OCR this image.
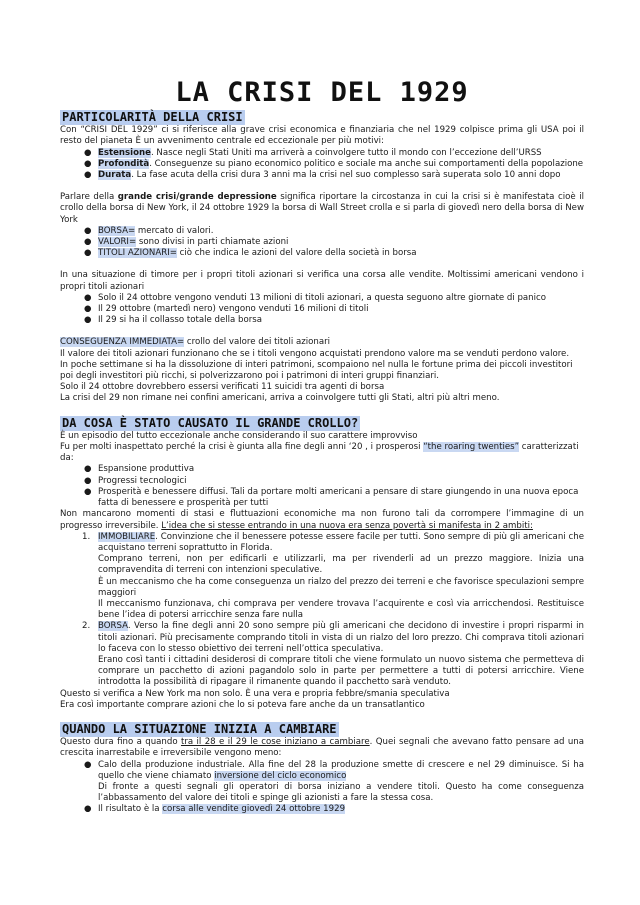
LA CRISI DEL 1929
PARTICOLARITÀ DELLA CRISI

Con “CRISI DEL 1929” ci si riferisce alla grave crisi economica e finanziaria che nel 1929 colpisce prima gli USA poi il resto del pianeta È un avvenimento centrale ed eccezionale per più motivi:

● Estensione. Nasce negli Stati Uniti ma arriverà a coinvolgere tutto il mondo con l’eccezione dell’URSS
● Profondità. Conseguenze su piano economico politico e sociale ma anche sui comportamenti della popolazione
● Durata. La fase acuta della crisi dura 3 anni ma la crisi nel suo complesso sarà superata solo 10 anni dopo

Parlare della grande crisi/grande depressione significa riportare la circostanza in cui la crisi si è manifestata cioè il crollo della borsa di New York, il 24 ottobre 1929 la borsa di Wall Street crolla e si parla di giovedì nero della borsa di New York

● BORSA= mercato di valori.
● VALORI= sono divisi in parti chiamate azioni
● TITOLI AZIONARI= ciò che indica le azioni del valore della società in borsa

In una situazione di timore per i propri titoli azionari si verifica una corsa alle vendite. Moltissimi americani vendono i propri titoli azionari

● Solo il 24 ottobre vengono venduti 13 milioni di titoli azionari, a questa seguono altre giornate di panico
● Il 29 ottobre (martedì nero) vengono venduti 16 milioni di titoli
● Il 29 si ha il collasso totale della borsa

CONSEGUENZA IMMEDIATA= crollo del valore dei titoli azionari

Il valore dei titoli azionari funzionano che se i titoli vengono acquistati prendono valore ma se venduti perdono valore.

In poche settimane si ha la dissoluzione di interi patrimoni, scompaiono nel nulla le fortune prima dei piccoli investitori poi degli investitori più ricchi, si polverizzarono poi i patrimoni di interi gruppi finanziari.

Solo il 24 ottobre dovrebbero essersi verificati 11 suicidi tra agenti di borsa

La crisi del 29 non rimane nei confini americani, arriva a coinvolgere tutti gli Stati, altri più altri meno.

DA COSA È STATO CAUSATO IL GRANDE CROLLO?

È un episodio del tutto eccezionale anche considerando il suo carattere improvviso

Fu per molti inaspettato perché la crisi è giunta alla fine degli anni ‘20 , i prosperosi “the roaring twenties” caratterizzati da:

● Espansione produttiva
● Progressi tecnologici
● Prosperità e benessere diffusi. Tali da portare molti americani a pensare di stare giungendo in una nuova epoca fatta di benessere e prosperità per tutti

Non mancarono momenti di stasi e fluttuazioni economiche ma non furono tali da corrompere l’immagine di un progresso irreversibile. L’idea che si stesse entrando in una nuova era senza povertà si manifesta in 2 ambiti:

1. IMMOBILIARE. Convinzione che il benessere potesse essere facile per tutti. Sono sempre di più gli americani che acquistano terreni soprattutto in Florida.

Comprano terreni, non per edificarli e utilizzarli, ma per rivenderli ad un prezzo maggiore. Inizia una compravendita di terreni con intenzioni speculative.

È un meccanismo che ha come conseguenza un rialzo del prezzo dei terreni e che favorisce speculazioni sempre maggiori

Il meccanismo funzionava, chi comprava per vendere trovava l’acquirente e così via arricchendosi. Restituisce bene l’idea di potersi arricchire senza fare nulla

2. BORSA. Verso la fine degli anni 20 sono sempre più gli americani che decidono di investire i propri risparmi in titoli azionari. Più precisamente comprando titoli in vista di un rialzo del loro prezzo. Chi comprava titoli azionari lo faceva con lo stesso obiettivo dei terreni nell’ottica speculativa.

Erano così tanti i cittadini desiderosi di comprare titoli che viene formulato un nuovo sistema che permetteva di comprare un pacchetto di azioni pagandolo solo in parte per permettere a tutti di potersi arricchire. Viene introdotta la possibilità di ripagare il rimanente quando il pacchetto sarà venduto.

Questo si verifica a New York ma non solo. È una vera e propria febbre/smania speculativa

Era così importante comprare azioni che lo si poteva fare anche da un transatlantico

QUANDO LA SITUAZIONE INIZIA A CAMBIARE

Questo dura fino a quando tra il 28 e il 29 le cose iniziano a cambiare. Quei segnali che avevano fatto pensare ad una crescita inarrestabile e irreversibile vengono meno:

● Calo della produzione industriale. Alla fine del 28 la produzione smette di crescere e nel 29 diminuisce. Si ha quello che viene chiamato inversione del ciclo economico
Di fronte a questi segnali gli operatori di borsa iniziano a vendere titoli. Questo ha come conseguenza l’abbassamento del valore dei titoli e spinge gli azionisti a fare la stessa cosa.
● Il risultato è la corsa alle vendite giovedì 24 ottobre 1929
